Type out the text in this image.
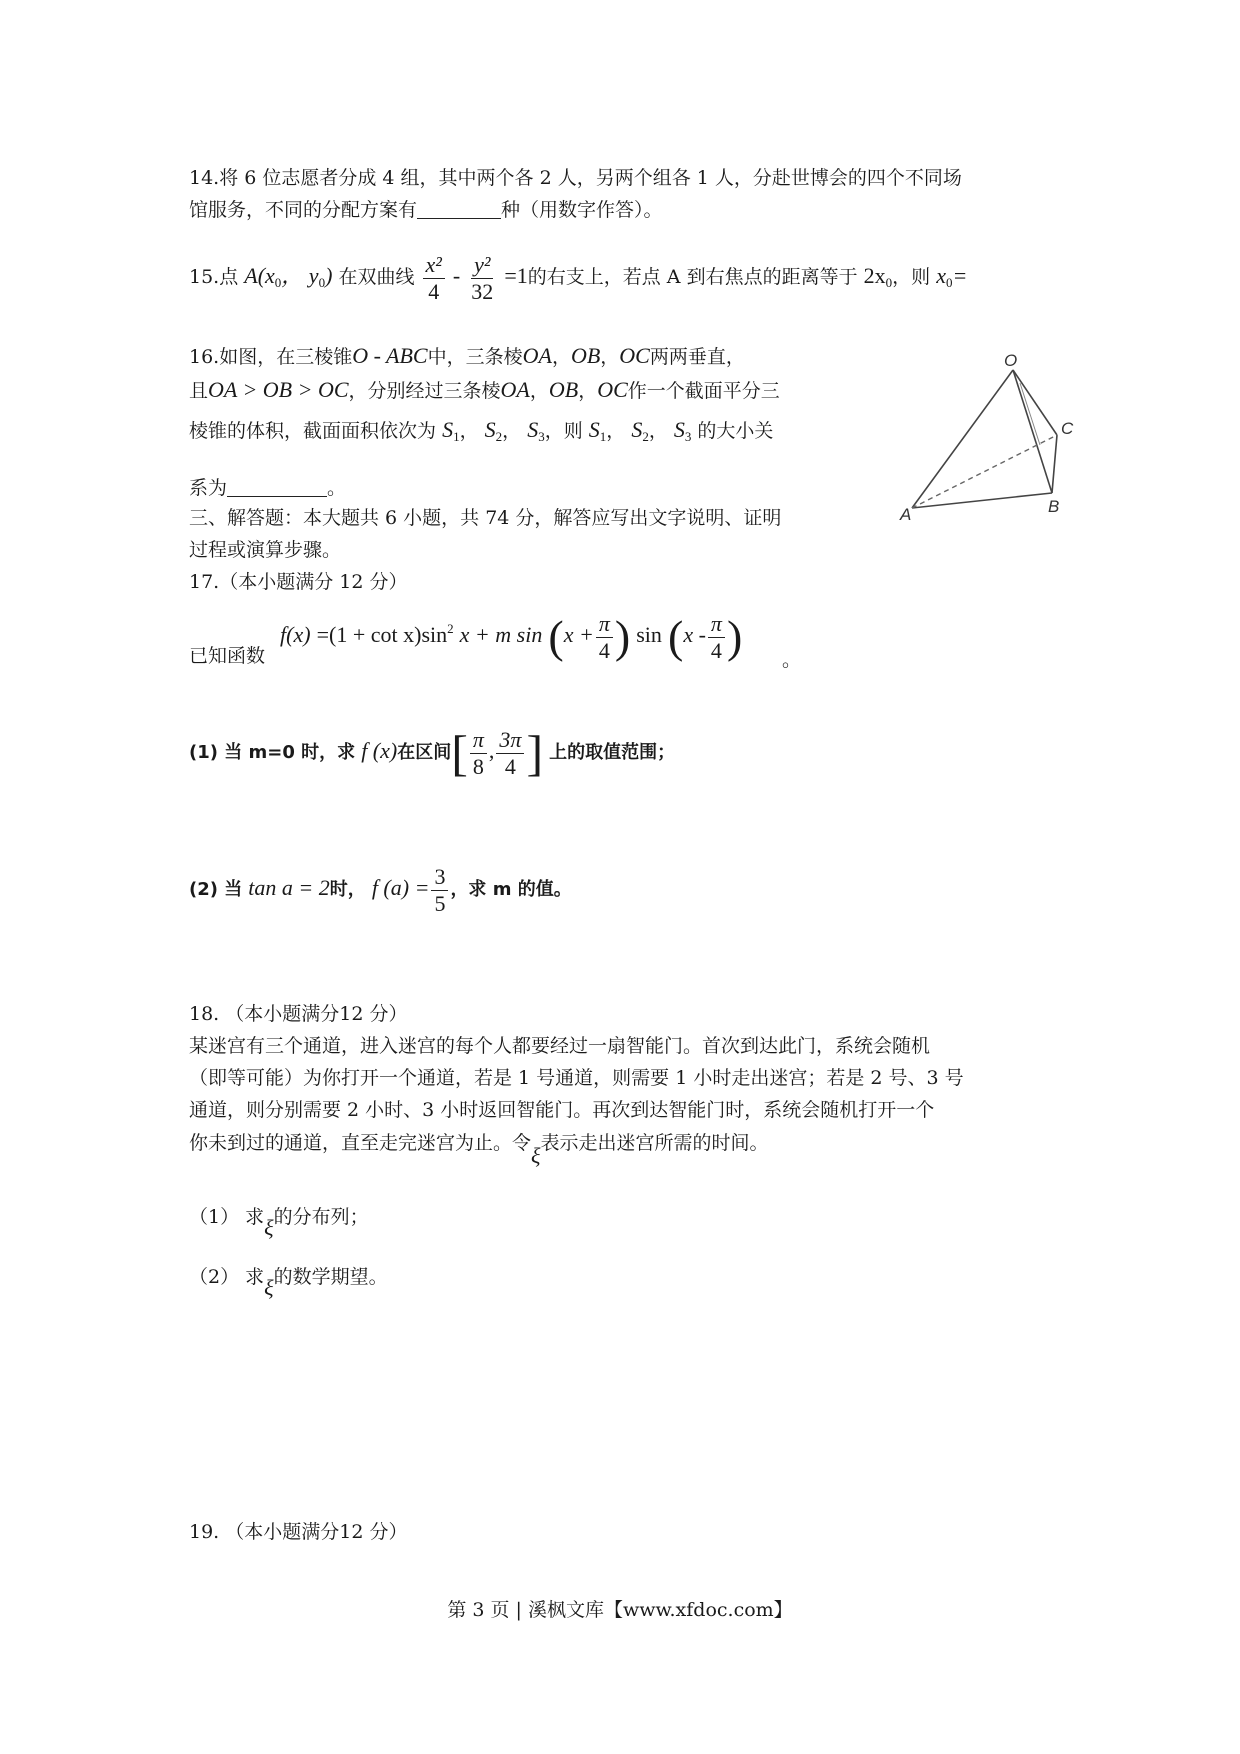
14.将 6 位志愿者分成 4 组，其中两个各 2 人，另两个组各 1 人，分赴世博会的四个不同场
馆服务，不同的分配方案有	种（用数字作答）。
15.点 $A(x_0$， $y_0$) 在双曲线 $\frac{\text{x²}}{4} - \frac{\text{y²}}{32} =1$的右支上，若点 A 到右焦点的距离等于 $2x_0$，则 $x_0=$
16.如图，在三棱锥O - ABC中，三条棱OA，OB，OC两两垂直，
且OA > OB > OC，分别经过三条棱OA，OB，OC作一个截面平分三
棱锥的体积，截面面积依次为 $S_1$， $S_2$， $S_3$，则 $S_1$， $S_2$， $S_3$ 的大小关
系为	。
O
A	B
C
三、解答题：本大题共 6 小题，共 74 分，解答应写出文字说明、证明
过程或演算步骤。
17.（本小题满分 12 分）
$f(x) =(1 + \cot x)\sin^2$ x + m $\sin (x + \frac{\pi}{4}$ ) $\sin (x - \frac{\pi}{4}$ )
已知函数	。
(1) 当 m=0 时，求 f (x)在区间[ $\frac{\pi}{8}$ , $\frac{3\pi}{4}$ ] 上的取值范围；
(2) 当 tan a = 2时， f $(a) = \frac{3}{5}$ ，求 m 的值。
18. （本小题满分12 分）
某迷宫有三个通道，进入迷宫的每个人都要经过一扇智能门。首次到达此门，系统会随机
（即等可能）为你打开一个通道，若是 1 号通道，则需要 1 小时走出迷宫；若是 2 号、3 号
通道，则分别需要 2 小时、3 小时返回智能门。再次到达智能门时，系统会随机打开一个
你未到过的通道，直至走完迷宫为止。令ξ表示走出迷宫所需的时间。
（1） 求ξ的分布列；
（2） 求ξ的数学期望。
19. （本小题满分12 分）
第 3 页 | 溪枫文库【www.xfdoc.com】
